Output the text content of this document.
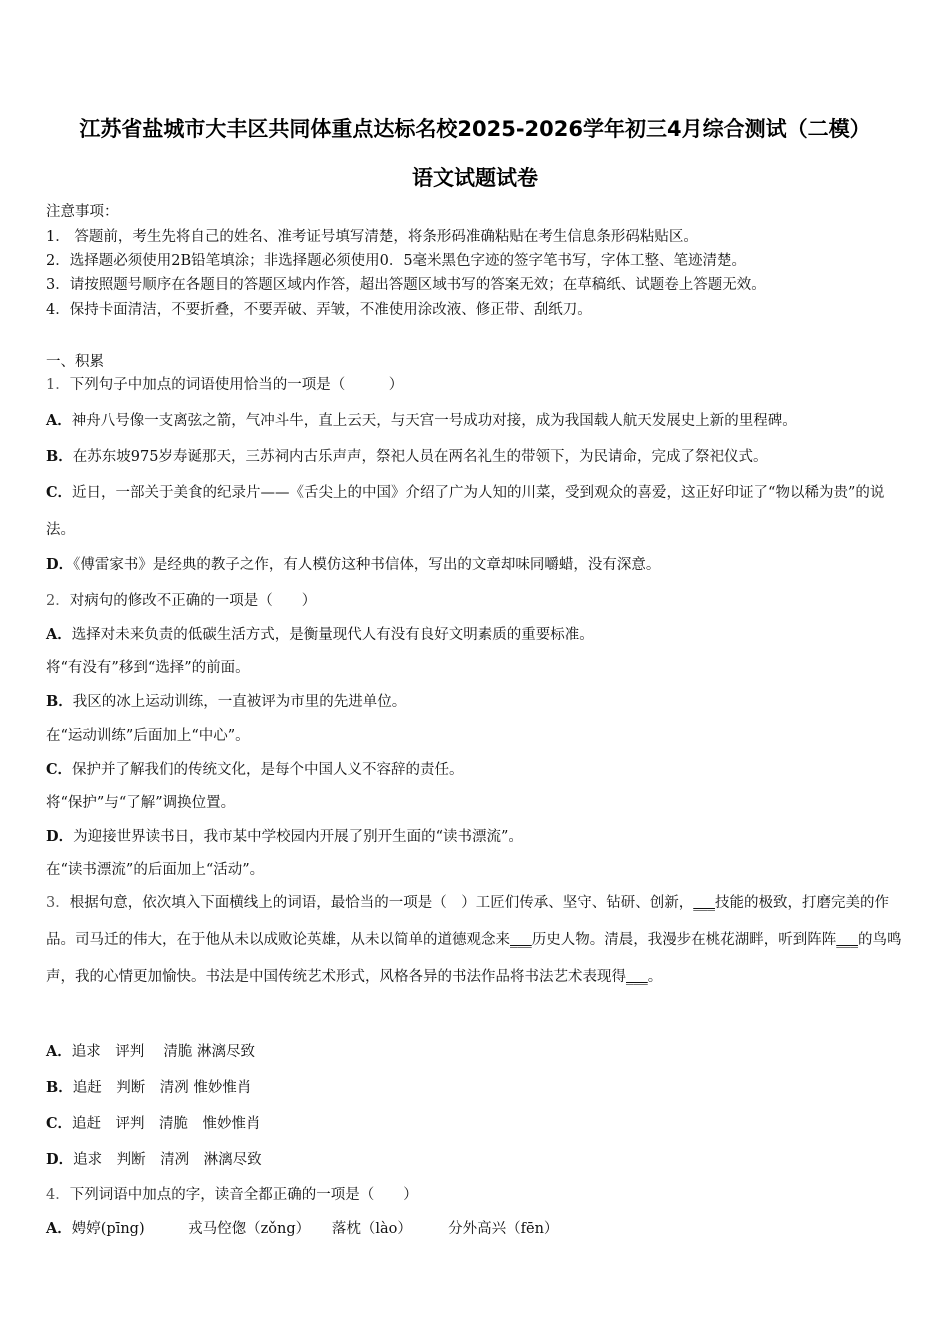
江苏省盐城市大丰区共同体重点达标名校2025-2026学年初三4月综合测试（二模）
语文试题试卷
注意事项：
1． 答题前，考生先将自己的姓名、准考证号填写清楚，将条形码准确粘贴在考生信息条形码粘贴区。
2．选择题必须使用2B铅笔填涂；非选择题必须使用0．5毫米黑色字迹的签字笔书写，字体工整、笔迹清楚。
3．请按照题号顺序在各题目的答题区域内作答，超出答题区域书写的答案无效；在草稿纸、试题卷上答题无效。
4．保持卡面清洁，不要折叠，不要弄破、弄皱，不准使用涂改液、修正带、刮纸刀。
一、积累
1．下列句子中加点的词语使用恰当的一项是（　　　）
A．神舟八号像一支离弦之箭，气冲斗牛，直上云天，与天宫一号成功对接，成为我国载人航天发展史上新的里程碑。
B．在苏东坡975岁寿诞那天，三苏祠内古乐声声，祭祀人员在两名礼生的带领下，为民请命，完成了祭祀仪式。
C．近日，一部关于美食的纪录片——《舌尖上的中国》介绍了广为人知的川菜，受到观众的喜爱，这正好印证了“物以稀为贵”的说法。
D．《傅雷家书》是经典的教子之作，有人模仿这种书信体，写出的文章却味同嚼蜡，没有深意。
2．对病句的修改不正确的一项是（　　）
A．选择对未来负责的低碳生活方式，是衡量现代人有没有良好文明素质的重要标准。
将“有没有”移到“选择”的前面。
B．我区的冰上运动训练，一直被评为市里的先进单位。
在“运动训练”后面加上“中心”。
C．保护并了解我们的传统文化，是每个中国人义不容辞的责任。
将“保护”与“了解”调换位置。
D．为迎接世界读书日，我市某中学校园内开展了别开生面的“读书漂流”。
在“读书漂流”的后面加上“活动”。
3．根据句意，依次填入下面横线上的词语，最恰当的一项是（　）工匠们传承、坚守、钻研、创新，___技能的极致，打磨完美的作品。司马迁的伟大，在于他从未以成败论英雄，从未以简单的道德观念来___历史人物。清晨，我漫步在桃花湖畔，听到阵阵___的鸟鸣声，我的心情更加愉快。书法是中国传统艺术形式，风格各异的书法作品将书法艺术表现得___。
A．追求　评判　 清脆 淋漓尽致
B．追赶　判断　清冽 惟妙惟肖
C．追赶　评判　清脆　惟妙惟肖
D．追求　判断　清冽　淋漓尽致
4．下列词语中加点的字，读音全都正确的一项是（　　）
A．娉婷(pīng)　　　戎马倥偬（zǒng）　　落枕（lào）　　　分外高兴（fēn）
